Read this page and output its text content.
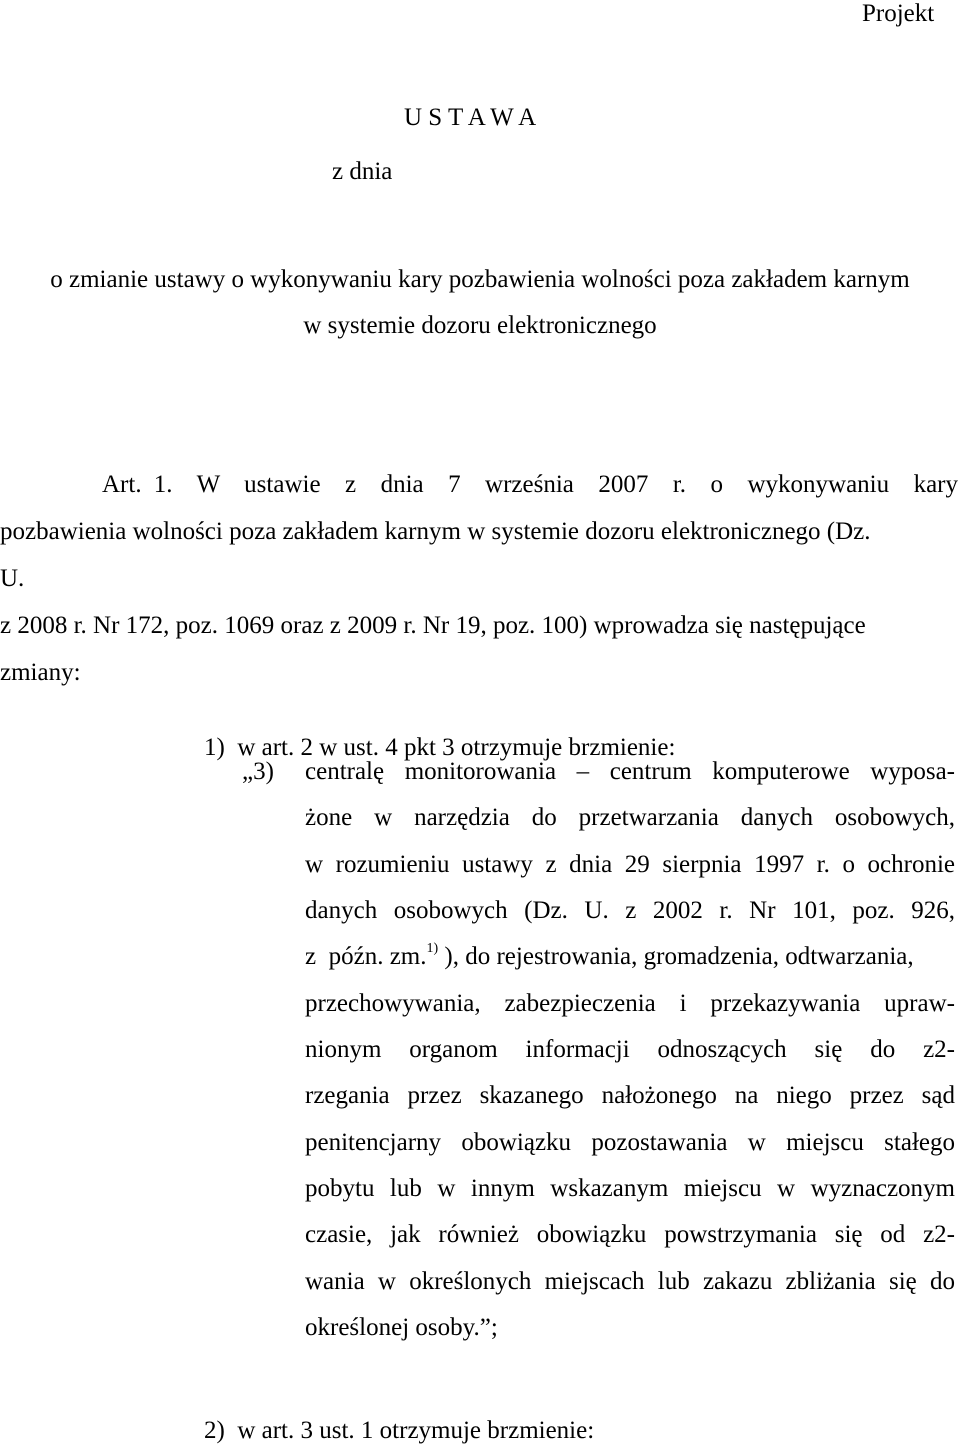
Projekt
U S T A W A
z dnia
o zmianie ustawy o wykonywaniu kary pozbawienia wolności poza zakładem karnym
w systemie dozoru elektronicznego
Art. 1.  W  ustawie  z  dnia  7  września  2007  r.  o  wykonywaniu  kary
pozbawienia wolności poza zakładem karnym w systemie dozoru elektronicznego (Dz.
U.
z 2008 r. Nr 172, poz. 1069 oraz z 2009 r. Nr 19, poz. 100) wprowadza się następujące
zmiany:
1)  w art. 2 w ust. 4 pkt 3 otrzymuje brzmienie:
„3) centralę monitorowania – centrum komputerowe wyposa-
żone w narzędzia do przetwarzania danych osobowych,
w rozumieniu ustawy z dnia 29 sierpnia 1997 r. o ochronie
danych osobowych (Dz. U. z 2002 r. Nr 101, poz. 926,
z  późn. zm.$^{1)}$ ), do rejestrowania, gromadzenia, odtwarzania,
przechowywania, zabezpieczenia i przekazywania upraw-
nionym organom informacji odnoszących się do z2-
rzegania przez skazanego nałożonego na niego przez sąd
penitencjarny obowiązku pozostawania w miejscu stałego
pobytu lub w innym wskazanym miejscu w wyznaczonym
czasie, jak również obowiązku powstrzymania się od z2-
wania w określonych miejscach lub zakazu zbliżania się do
określonej osoby.”;
2)  w art. 3 ust. 1 otrzymuje brzmienie:
